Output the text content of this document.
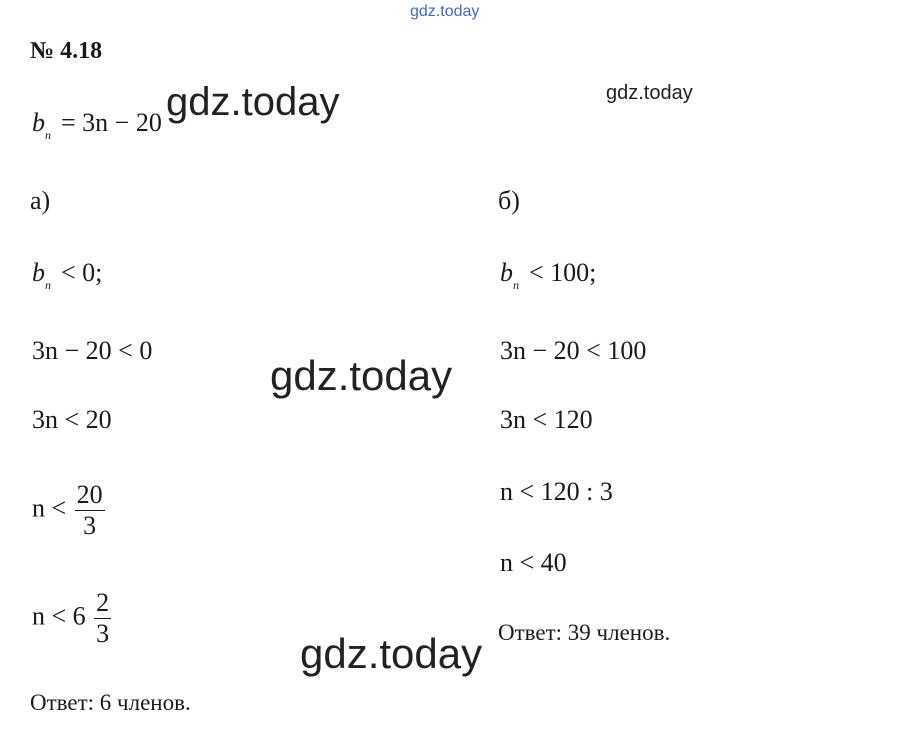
gdz.today
gdz.today	gdz.today
gdz.today
gdz.today
№ 4.18
$b_n = 3n - 20$
а)
$b_n < 0$;
3n − 20 < 0
3n < 20
$n < \frac{20}{3}$
$n < 6 \frac{2}{3}$
Ответ: 6 членов.
б)
$b_n < 100$;
3n − 20 < 100
3n < 120
n < 120 : 3
n < 40
Ответ: 39 членов.
